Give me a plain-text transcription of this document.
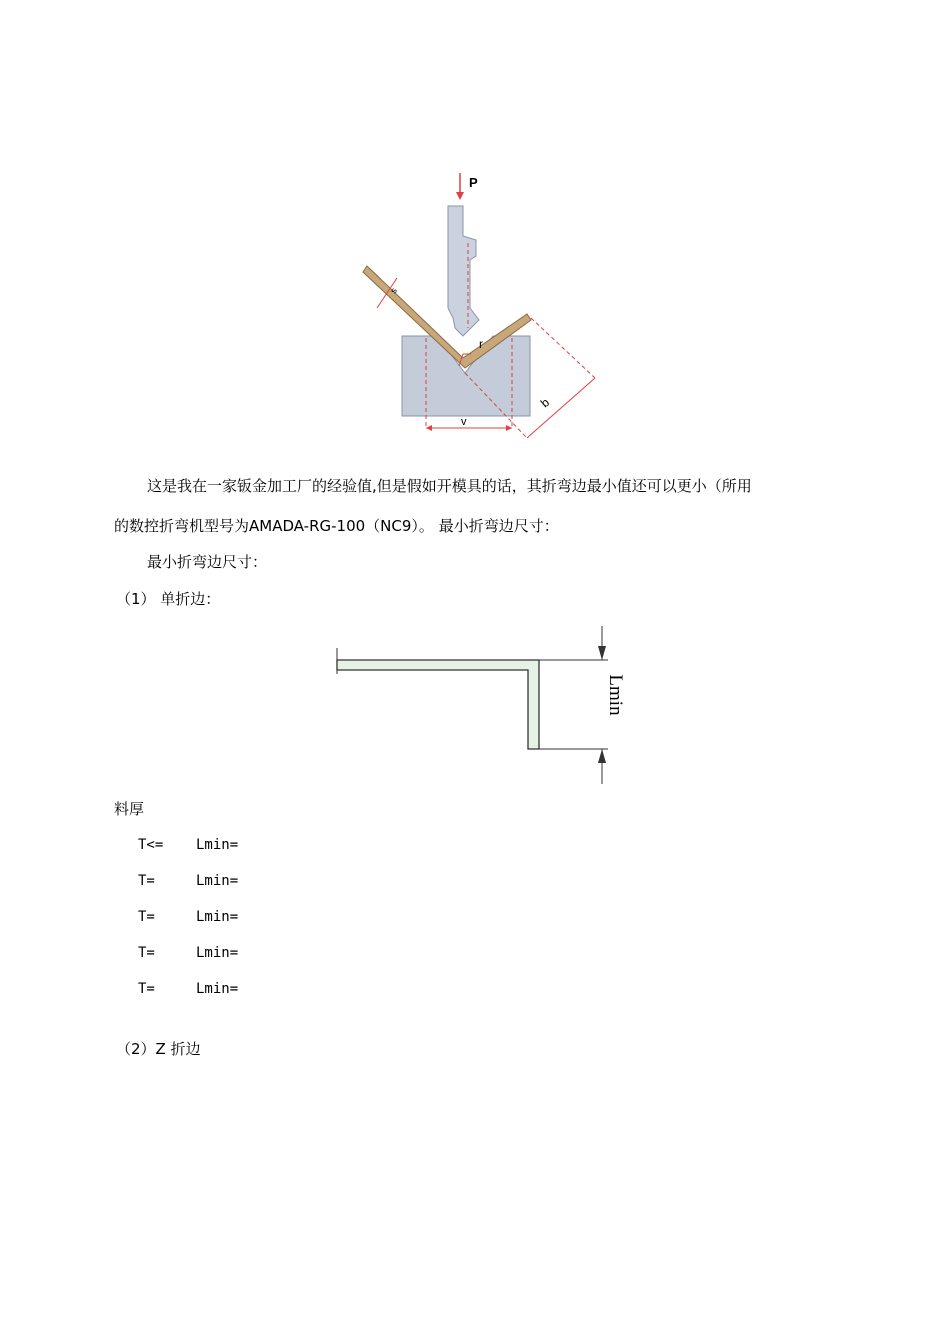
P
s
r
v
b
这是我在一家钣金加工厂的经验值,但是假如开模具的话，其折弯边最小值还可以更小（所用
的数控折弯机型号为AMADA-RG-100（NC9）。 最小折弯边尺寸：
最小折弯边尺寸：
（1） 单折边：
Lmin
料厚
T<= Lmin=
T=	Lmin=
T=	Lmin=
T=	Lmin=
T=	Lmin=
（2）Z 折边
